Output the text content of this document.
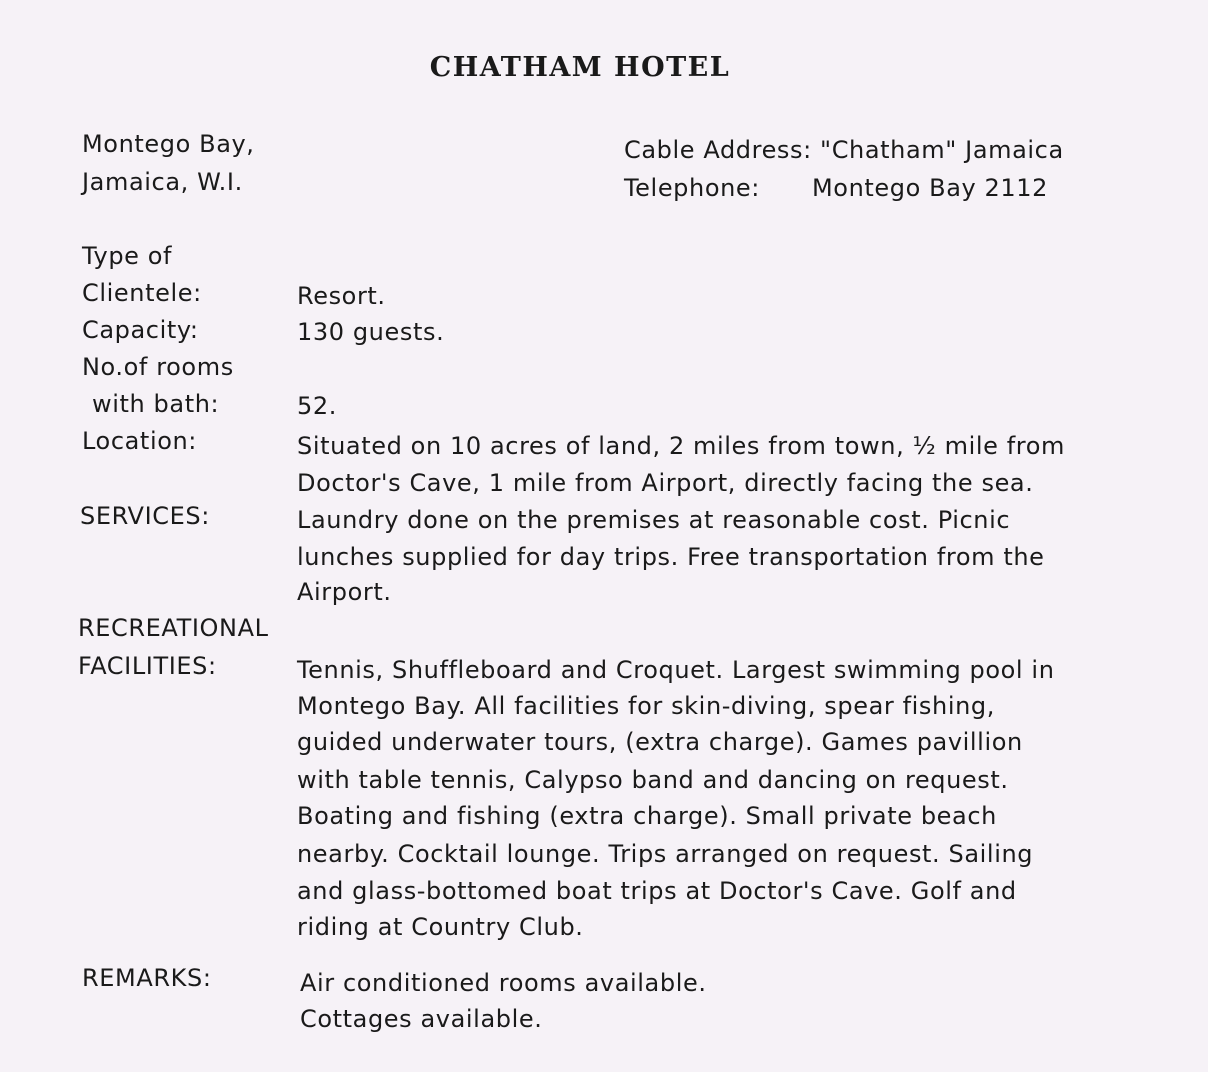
CHATHAM HOTEL
Montego Bay,
Jamaica, W.I.
Cable Address: "Chatham" Jamaica
Telephone: Montego Bay 2112
Type of
Clientele:	Resort.
Capacity:	130 guests.
No.of rooms
with bath:	52.
Location:	Situated on 10 acres of land, 2 miles from town, ½ mile from
Doctor's Cave, 1 mile from Airport, directly facing the sea.
SERVICES:	Laundry done on the premises at reasonable cost. Picnic
lunches supplied for day trips. Free transportation from the
Airport.
RECREATIONAL
FACILITIES:	Tennis, Shuffleboard and Croquet. Largest swimming pool in
Montego Bay. All facilities for skin-diving, spear fishing,
guided underwater tours, (extra charge). Games pavillion
with table tennis, Calypso band and dancing on request.
Boating and fishing (extra charge). Small private beach
nearby. Cocktail lounge. Trips arranged on request. Sailing
and glass-bottomed boat trips at Doctor's Cave. Golf and
riding at Country Club.
REMARKS:	Air conditioned rooms available.
Cottages available.
